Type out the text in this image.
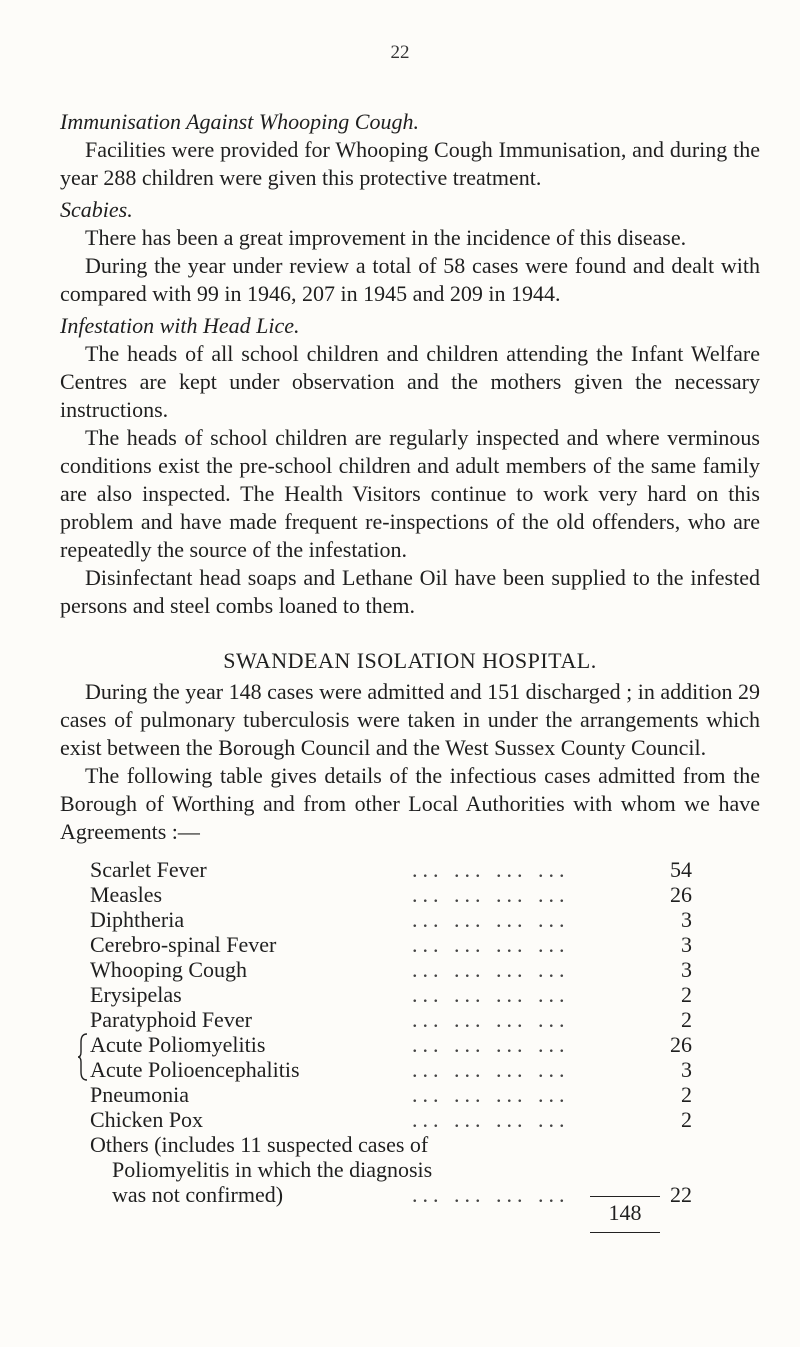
22
Immunisation Against Whooping Cough.

Facilities were provided for Whooping Cough Immunisation, and during the year 288 children were given this protective treatment.

Scabies.

There has been a great improvement in the incidence of this disease.

During the year under review a total of 58 cases were found and dealt with compared with 99 in 1946, 207 in 1945 and 209 in 1944.

Infestation with Head Lice.

The heads of all school children and children attending the Infant Welfare Centres are kept under observation and the mothers given the necessary instructions.

The heads of school children are regularly inspected and where verminous conditions exist the pre-school children and adult members of the same family are also inspected. The Health Visitors continue to work very hard on this problem and have made frequent re-inspections of the old offenders, who are repeatedly the source of the infestation.

Disinfectant head soaps and Lethane Oil have been supplied to the infested persons and steel combs loaned to them.

SWANDEAN ISOLATION HOSPITAL.

During the year 148 cases were admitted and 151 discharged ; in addition 29 cases of pulmonary tuberculosis were taken in under the arrangements which exist between the Borough Council and the West Sussex County Council.

The following table gives details of the infectious cases admitted from the Borough of Worthing and from other Local Authorities with whom we have Agreements :—

Scarlet Fever	... ... ... ...	54
Measles	... ... ... ...	26
Diphtheria	... ... ... ...	3
Cerebro-spinal Fever	... ... ... ...	3
Whooping Cough	... ... ... ...	3
Erysipelas	... ... ... ...	2
Paratyphoid Fever	... ... ... ...	2
Acute Poliomyelitis	... ... ... ...	26
Acute Polioencephalitis	... ... ... ...	3
Pneumonia	... ... ... ...	2
Chicken Pox	... ... ... ...	2
Others (includes 11 suspected cases of		
Poliomyelitis in which the diagnosis		
was not confirmed)	... ... ... ...	22
148
